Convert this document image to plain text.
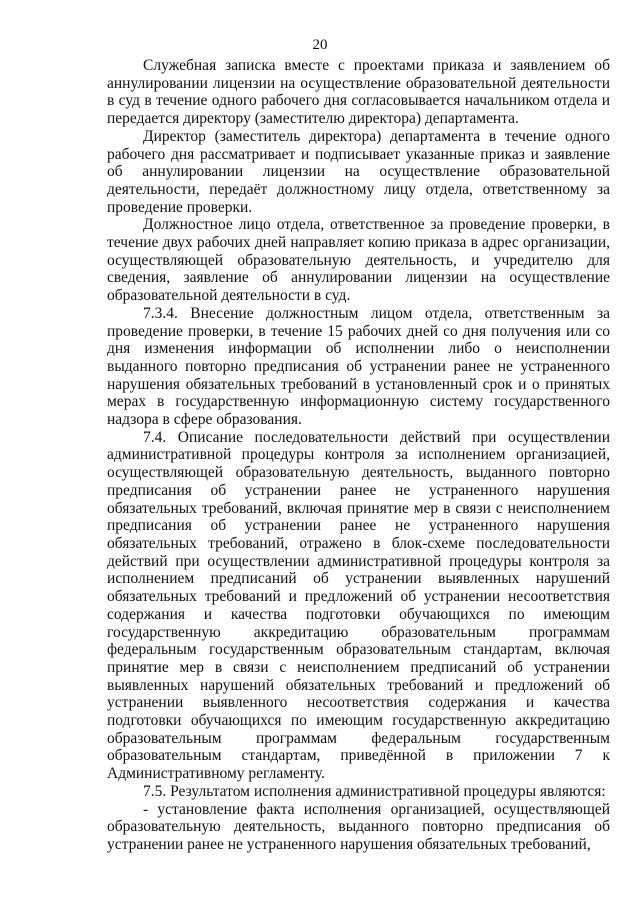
20

Служебная записка вместе с проектами приказа и заявлением об аннулировании лицензии на осуществление образовательной деятельности в суд в течение одного рабочего дня согласовывается начальником отдела и передается директору (заместителю директора) департамента.

Директор (заместитель директора) департамента в течение одного рабочего дня рассматривает и подписывает указанные приказ и заявление об аннулировании лицензии на осуществление образовательной деятельности, передаёт должностному лицу отдела, ответственному за проведение проверки.

Должностное лицо отдела, ответственное за проведение проверки, в течение двух рабочих дней направляет копию приказа в адрес организации, осуществляющей образовательную деятельность, и учредителю для сведения, заявление об аннулировании лицензии на осуществление образовательной деятельности в суд.

7.3.4. Внесение должностным лицом отдела, ответственным за проведение проверки, в течение 15 рабочих дней со дня получения или со дня изменения информации об исполнении либо о неисполнении выданного повторно предписания об устранении ранее не устраненного нарушения обязательных требований в установленный срок и о принятых мерах в государственную информационную систему государственного надзора в сфере образования.

7.4. Описание последовательности действий при осуществлении административной процедуры контроля за исполнением организацией, осуществляющей образовательную деятельность, выданного повторно предписания об устранении ранее не устраненного нарушения обязательных требований, включая принятие мер в связи с неисполнением предписания об устранении ранее не устраненного нарушения обязательных требований, отражено в блок-схеме последовательности действий при осуществлении административной процедуры контроля за исполнением предписаний об устранении выявленных нарушений обязательных требований и предложений об устранении несоответствия содержания и качества подготовки обучающихся по имеющим государственную аккредитацию образовательным программам федеральным государственным образовательным стандартам, включая принятие мер в связи с неисполнением предписаний об устранении выявленных нарушений обязательных требований и предложений об устранении выявленного несоответствия содержания и качества подготовки обучающихся по имеющим государственную аккредитацию образовательным программам федеральным государственным образовательным стандартам, приведённой в приложении 7 к Административному регламенту.

7.5. Результатом исполнения административной процедуры являются:

- установление факта исполнения организацией, осуществляющей образовательную деятельность, выданного повторно предписания об устранении ранее не устраненного нарушения обязательных требований,
